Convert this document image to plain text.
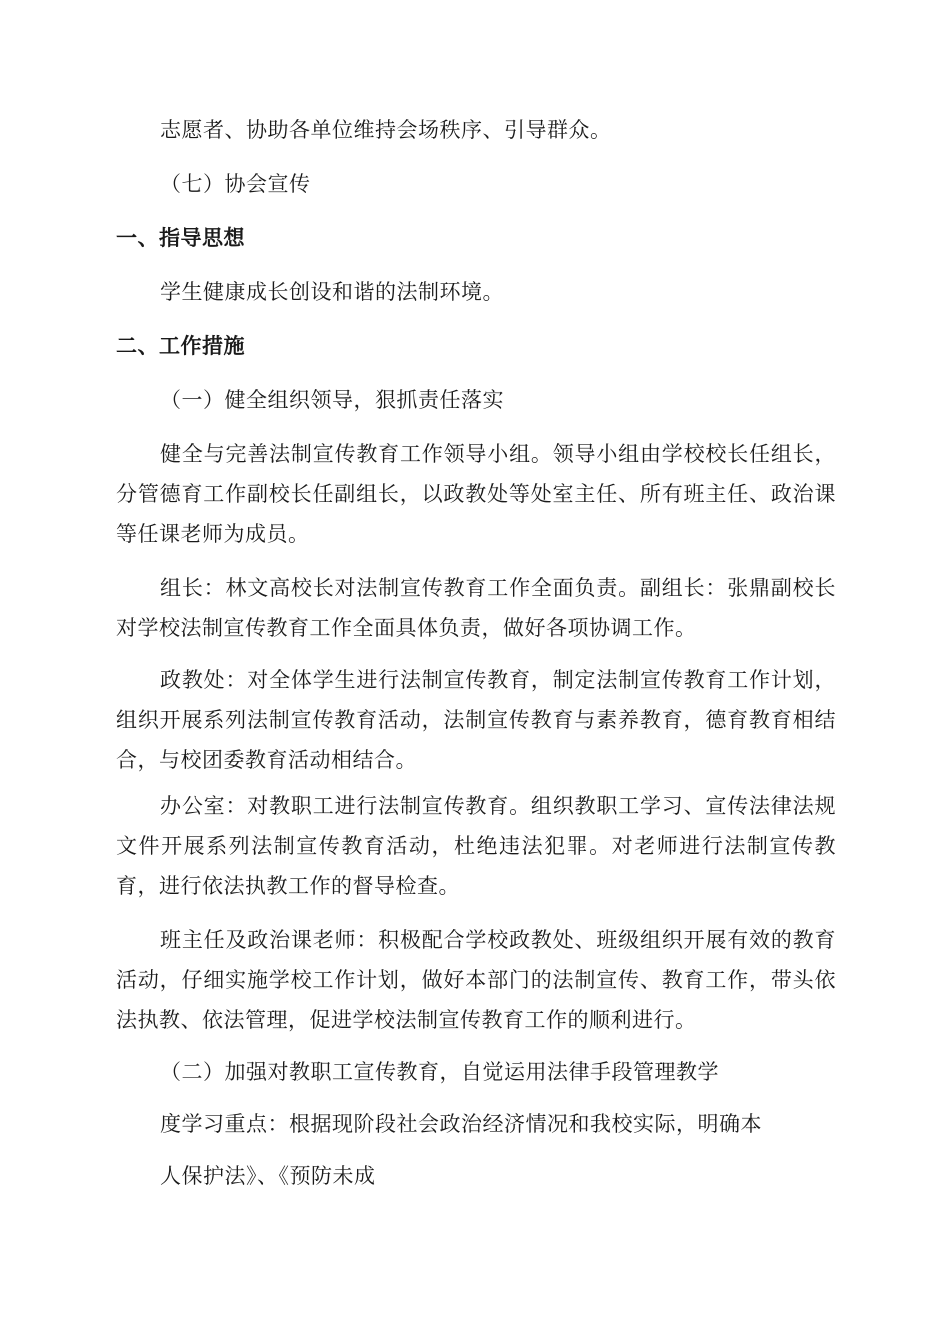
志愿者、协助各单位维持会场秩序、引导群众。
（七）协会宣传
一、指导思想
学生健康成长创设和谐的法制环境。
二、工作措施
（一）健全组织领导，狠抓责任落实
健全与完善法制宣传教育工作领导小组。领导小组由学校校长任组长，分管德育工作副校长任副组长，以政教处等处室主任、所有班主任、政治课等任课老师为成员。
组长：林文高校长对法制宣传教育工作全面负责。副组长：张鼎副校长对学校法制宣传教育工作全面具体负责，做好各项协调工作。
政教处：对全体学生进行法制宣传教育，制定法制宣传教育工作计划，组织开展系列法制宣传教育活动，法制宣传教育与素养教育，德育教育相结合，与校团委教育活动相结合。
办公室：对教职工进行法制宣传教育。组织教职工学习、宣传法律法规文件开展系列法制宣传教育活动，杜绝违法犯罪。对老师进行法制宣传教育，进行依法执教工作的督导检查。
班主任及政治课老师：积极配合学校政教处、班级组织开展有效的教育活动，仔细实施学校工作计划，做好本部门的法制宣传、教育工作，带头依法执教、依法管理，促进学校法制宣传教育工作的顺利进行。
（二）加强对教职工宣传教育，自觉运用法律手段管理教学
度学习重点：根据现阶段社会政治经济情况和我校实际，明确本
人保护法》、《预防未成
